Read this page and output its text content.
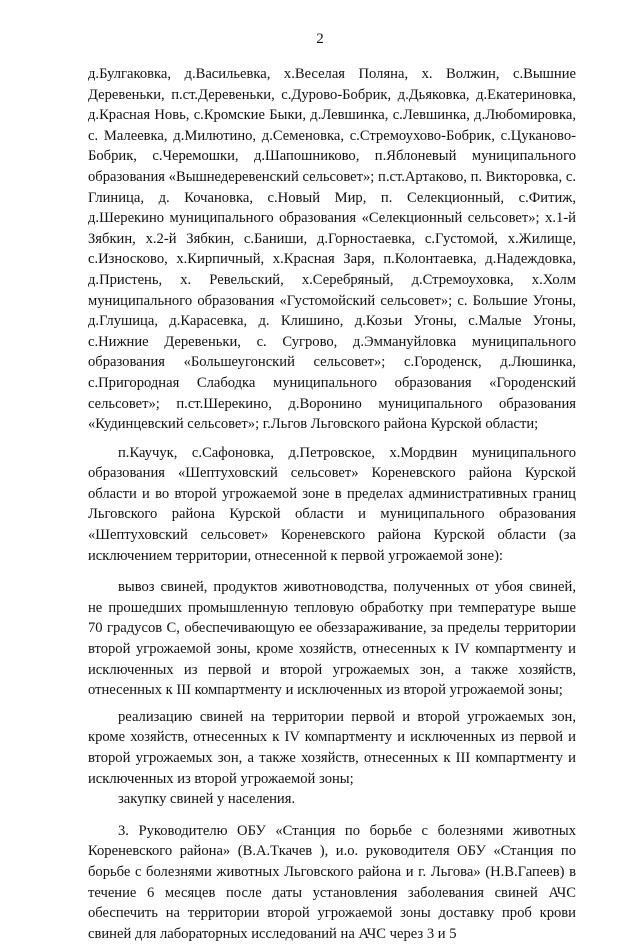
2

д.Булгаковка, д.Васильевка, х.Веселая Поляна, х. Волжин, с.Вышние Деревеньки, п.ст.Деревеньки, с.Дурово-Бобрик, д.Дьяковка, д.Екатериновка, д.Красная Новь, с.Кромские Быки, д.Левшинка, с.Левшинка, д.Любомировка, с. Малеевка, д.Милютино, д.Семеновка, с.Стремоухово-Бобрик, с.Цуканово-Бобрик, с.Черемошки, д.Шапошниково, п.Яблоневый муниципального образования «Вышнедеревенский сельсовет»; п.ст.Артаково, п. Викторовка, с. Глиница, д. Кочановка, с.Новый Мир, п. Селекционный, с.Фитиж, д.Шерекино муниципального образования «Селекционный сельсовет»; х.1-й Зябкин, х.2-й Зябкин, с.Баниши, д.Горностаевка, с.Густомой, х.Жилище, с.Износково, х.Кирпичный, х.Красная Заря, п.Колонтаевка, д.Надеждовка, д.Пристень, х. Ревельский, х.Серебряный, д.Стремоуховка, х.Холм муниципального образования «Густомойский сельсовет»; с. Большие Угоны, д.Глушица, д.Карасевка, д. Клишино, д.Козьи Угоны, с.Малые Угоны, с.Нижние Деревеньки, с. Сугрово, д.Эммануйловка муниципального образования «Большеугонский сельсовет»; с.Городенск, д.Люшинка, с.Пригородная Слабодка муниципального образования «Городенский сельсовет»; п.ст.Шерекино, д.Воронино муниципального образования «Кудинцевский сельсовет»; г.Льгов Льговского района Курской области;

п.Каучук, с.Сафоновка, д.Петровское, х.Мордвин муниципального образования «Шептуховский сельсовет» Кореневского района Курской области и во второй угрожаемой зоне в пределах административных границ Льговского района Курской области и муниципального образования «Шептуховский сельсовет» Кореневского района Курской области (за исключением территории, отнесенной к первой угрожаемой зоне):

вывоз свиней, продуктов животноводства, полученных от убоя свиней, не прошедших промышленную тепловую обработку при температуре выше 70 градусов С, обеспечивающую ее обеззараживание, за пределы территории второй угрожаемой зоны, кроме хозяйств, отнесенных к IV компартменту и исключенных из первой и второй угрожаемых зон, а также хозяйств, отнесенных к III компартменту и исключенных из второй угрожаемой зоны;

реализацию свиней на территории первой и второй угрожаемых зон, кроме хозяйств, отнесенных к IV компартменту и исключенных из первой и второй угрожаемых зон, а также хозяйств, отнесенных к III компартменту и исключенных из второй угрожаемой зоны;

закупку свиней у населения.

3. Руководителю ОБУ «Станция по борьбе с болезнями животных Кореневского района» (В.А.Ткачев ), и.о. руководителя ОБУ «Станция по борьбе с болезнями животных Льговского района и г. Льгова» (Н.В.Гапеев) в течение 6 месяцев после даты установления заболевания свиней АЧС обеспечить на территории второй угрожаемой зоны доставку проб крови свиней для лабораторных исследований на АЧС через 3 и 5
